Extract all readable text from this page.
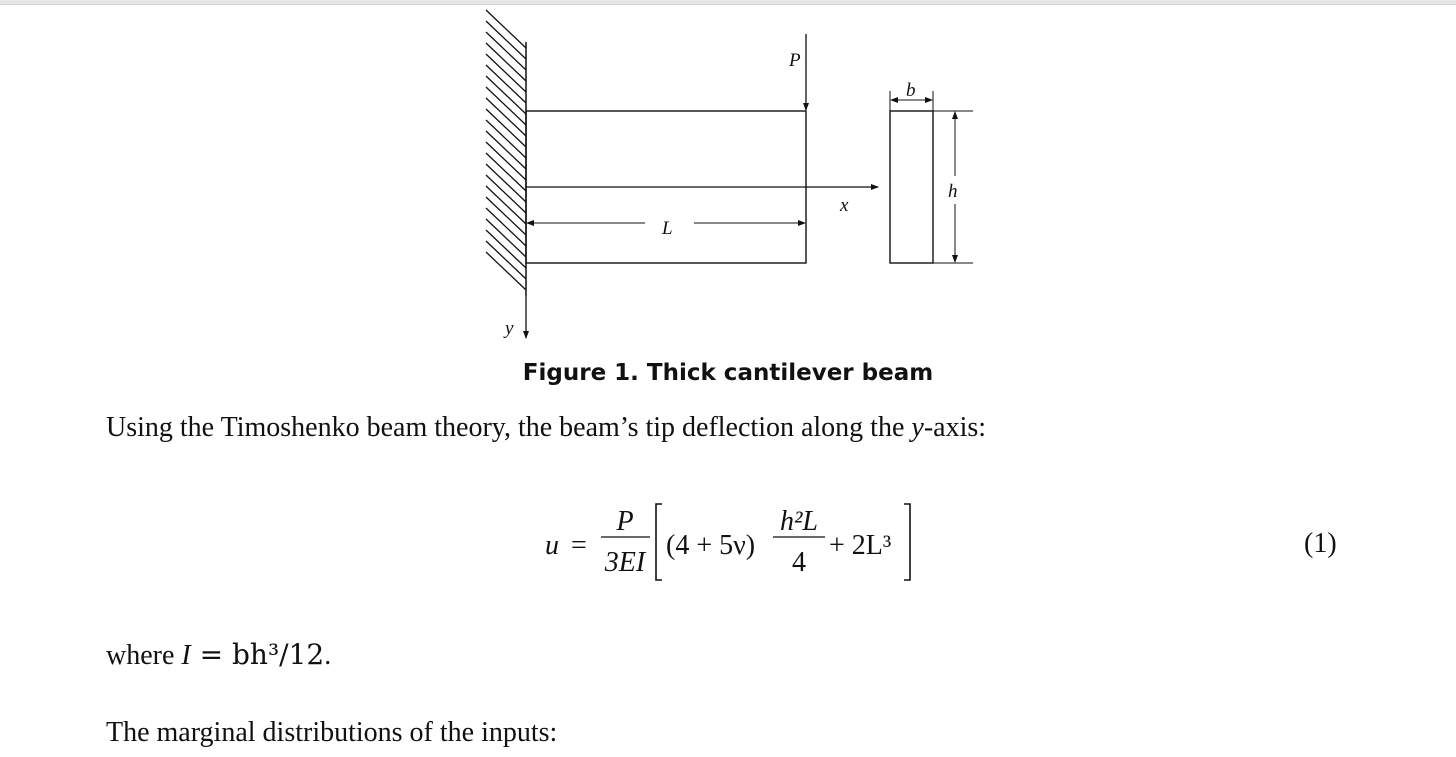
P
x
L
y
b
h

Figure 1. Thick cantilever beam

Using the Timoshenko beam theory, the beam’s tip deflection along the y-axis:

u =
P
3EI
(4 + 5ν)
h²L
4
+ 2L³	(1)

where I = bh³/12.

The marginal distributions of the inputs:
